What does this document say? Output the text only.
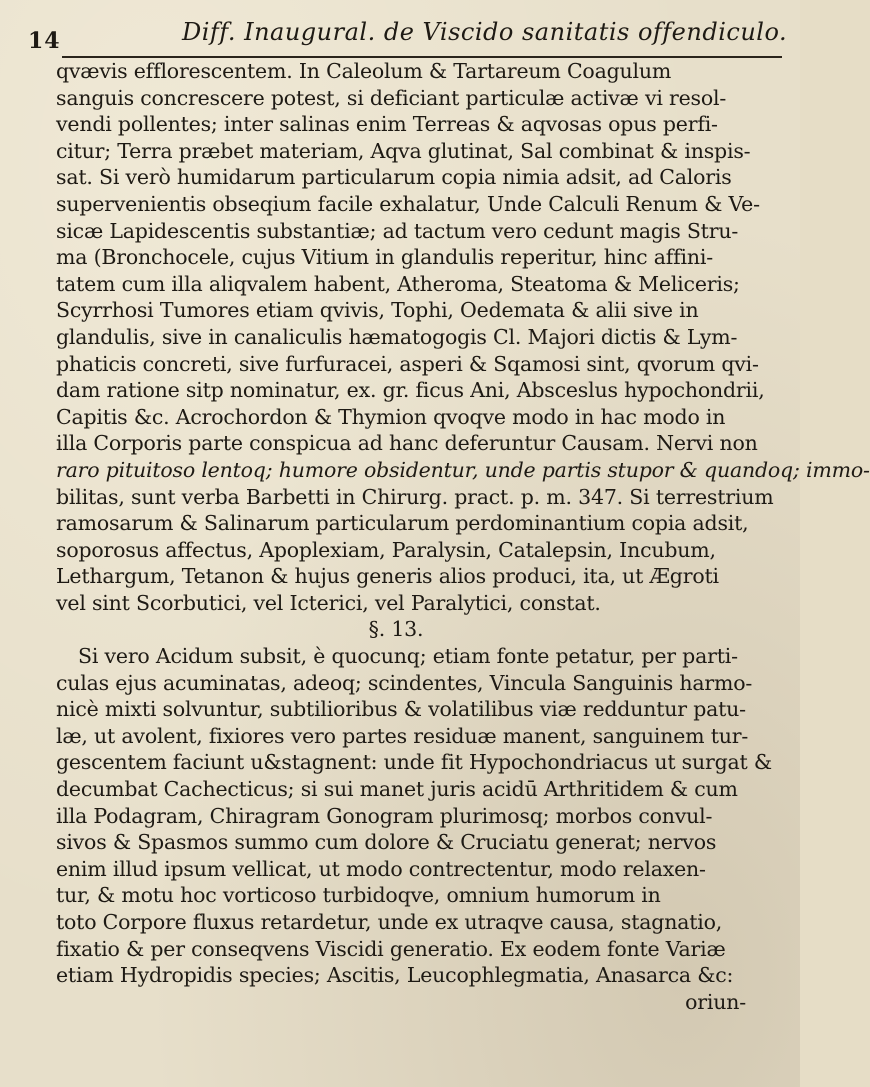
14	Diff. Inaugural. de Viscido sanitatis offendiculo.
qvævis efflorescentem. In Caleolum & Tartareum Coagulum
sanguis concrescere potest, si deficiant particulæ activæ vi resol-
vendi pollentes; inter salinas enim Terreas & aqvosas opus perfi-
citur; Terra præbet materiam, Aqva glutinat, Sal combinat & inspis-
sat. Si verò humidarum particularum copia nimia adsit, ad Caloris
supervenientis obseqium facile exhalatur, Unde Calculi Renum & Ve-
sicæ Lapidescentis substantiæ; ad tactum vero cedunt magis Stru-
ma (Bronchocele, cujus Vitium in glandulis reperitur, hinc affini-
tatem cum illa aliqvalem habent, Atheroma, Steatoma & Meliceris;
Scyrrhosi Tumores etiam qvivis, Tophi, Oedemata & alii sive in
glandulis, sive in canaliculis hæmatogogis Cl. Majori dictis & Lym-
phaticis concreti, sive furfuracei, asperi & Sqamosi sint, qvorum qvi-
dam ratione sitp nominatur, ex. gr. ficus Ani, Absceslus hypochondrii,
Capitis &c. Acrochordon & Thymion qvoqve modo in hac modo in
illa Corporis parte conspicua ad hanc deferuntur Causam. Nervi non
raro pituitoso lentoq; humore obsidentur, unde partis stupor & quandoq; immo-
bilitas, sunt verba Barbetti in Chirurg. pract. p. m. 347. Si terrestrium
ramosarum & Salinarum particularum perdominantium copia adsit,
soporosus affectus, Apoplexiam, Paralysin, Catalepsin, Incubum,
Lethargum, Tetanon & hujus generis alios produci, ita, ut Ægroti
vel sint Scorbutici, vel Icterici, vel Paralytici, constat.
§. 13.
Si vero Acidum subsit, è quocunq; etiam fonte petatur, per parti-
culas ejus acuminatas, adeoq; scindentes, Vincula Sanguinis harmo-
nicè mixti solvuntur, subtilioribus & volatilibus viæ redduntur patu-
læ, ut avolent, fixiores vero partes residuæ manent, sanguinem tur-
gescentem faciunt u&stagnent: unde fit Hypochondriacus ut surgat &
decumbat Cachecticus; si sui manet juris acidū Arthritidem & cum
illa Podagram, Chiragram Gonogram plurimosq; morbos convul-
sivos & Spasmos summo cum dolore & Cruciatu generat; nervos
enim illud ipsum vellicat, ut modo contrectentur, modo relaxen-
tur, & motu hoc vorticoso turbidoqve, omnium humorum in
toto Corpore fluxus retardetur, unde ex utraqve causa, stagnatio,
fixatio & per conseqvens Viscidi generatio. Ex eodem fonte Variæ
etiam Hydropidis species; Ascitis, Leucophlegmatia, Anasarca &c:
oriun-
